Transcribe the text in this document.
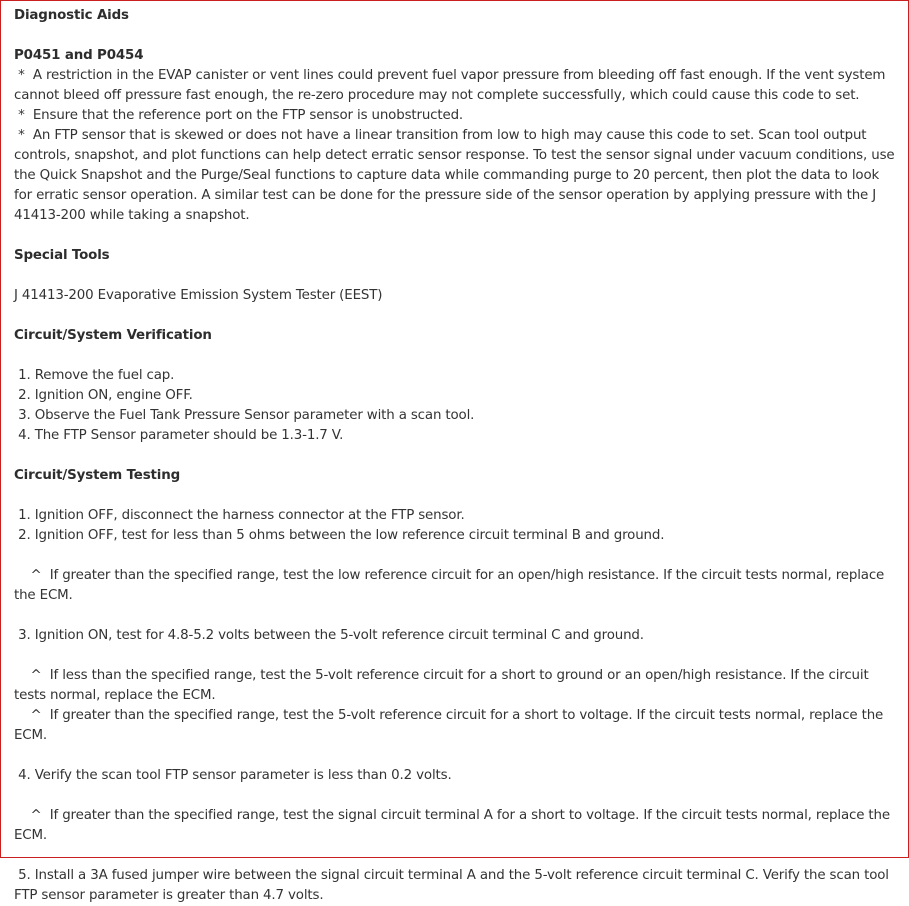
Diagnostic Aids
P0451 and P0454
*  A restriction in the EVAP canister or vent lines could prevent fuel vapor pressure from bleeding off fast enough. If the vent system cannot bleed off pressure fast enough, the re-zero procedure may not complete successfully, which could cause this code to set.
*  Ensure that the reference port on the FTP sensor is unobstructed.
*  An FTP sensor that is skewed or does not have a linear transition from low to high may cause this code to set. Scan tool output controls, snapshot, and plot functions can help detect erratic sensor response. To test the sensor signal under vacuum conditions, use the Quick Snapshot and the Purge/Seal functions to capture data while commanding purge to 20 percent, then plot the data to look for erratic sensor operation. A similar test can be done for the pressure side of the sensor operation by applying pressure with the J 41413-200 while taking a snapshot.
Special Tools
J 41413-200 Evaporative Emission System Tester (EEST)
Circuit/System Verification
1. Remove the fuel cap.
2. Ignition ON, engine OFF.
3. Observe the Fuel Tank Pressure Sensor parameter with a scan tool.
4. The FTP Sensor parameter should be 1.3-1.7 V.
Circuit/System Testing
1. Ignition OFF, disconnect the harness connector at the FTP sensor.
2. Ignition OFF, test for less than 5 ohms between the low reference circuit terminal B and ground.
^  If greater than the specified range, test the low reference circuit for an open/high resistance. If the circuit tests normal, replace the ECM.
3. Ignition ON, test for 4.8-5.2 volts between the 5-volt reference circuit terminal C and ground.
^  If less than the specified range, test the 5-volt reference circuit for a short to ground or an open/high resistance. If the circuit tests normal, replace the ECM.
^  If greater than the specified range, test the 5-volt reference circuit for a short to voltage. If the circuit tests normal, replace the ECM.
4. Verify the scan tool FTP sensor parameter is less than 0.2 volts.
^  If greater than the specified range, test the signal circuit terminal A for a short to voltage. If the circuit tests normal, replace the ECM.
5. Install a 3A fused jumper wire between the signal circuit terminal A and the 5-volt reference circuit terminal C. Verify the scan tool FTP sensor parameter is greater than 4.7 volts.
